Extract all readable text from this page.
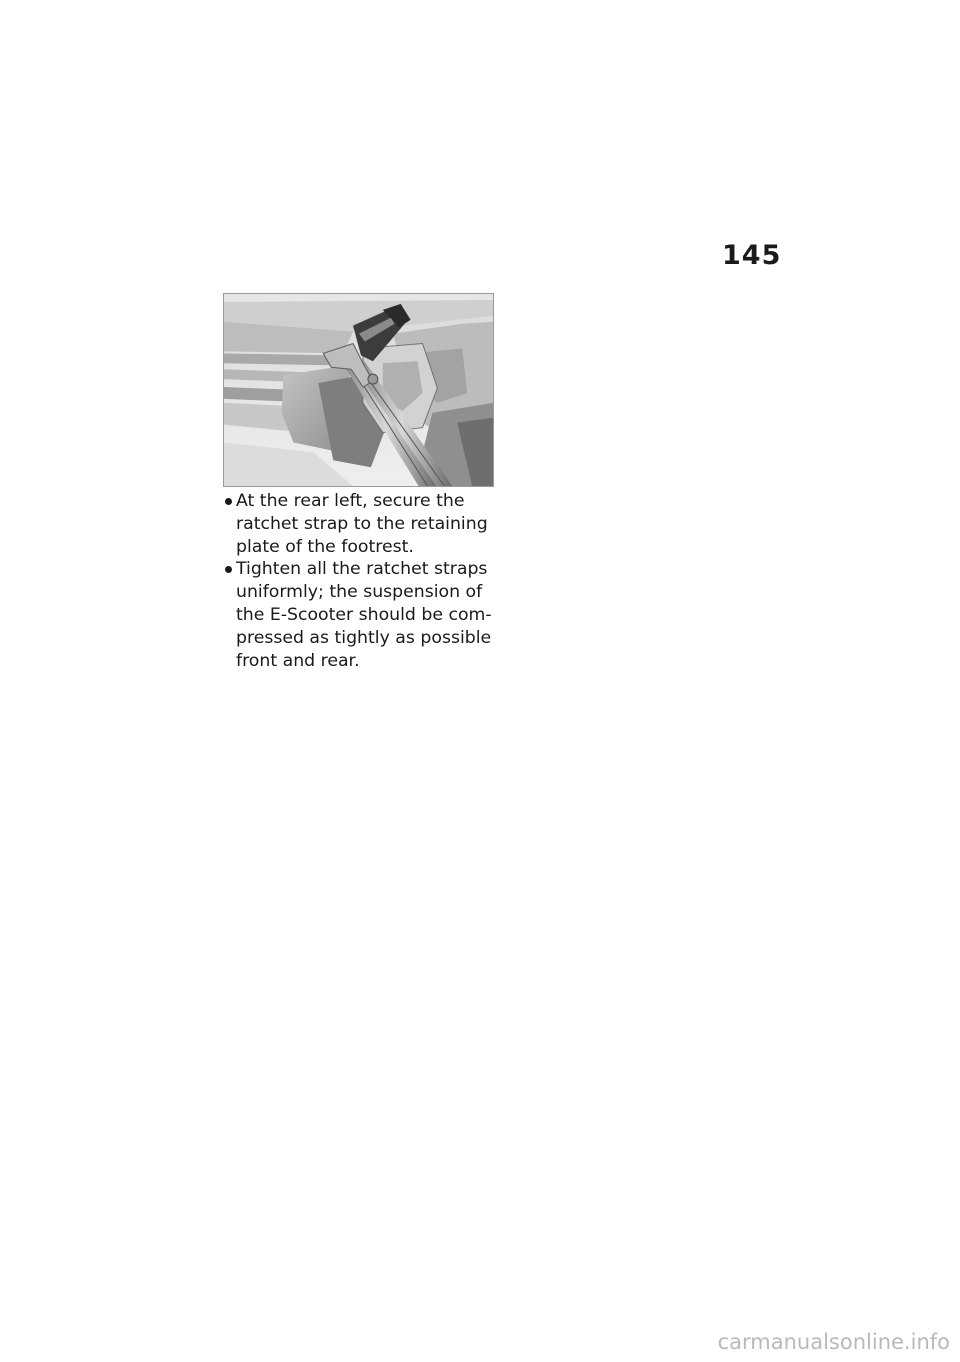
145
At the rear left, secure the
ratchet strap to the retaining
plate of the footrest.
Tighten all the ratchet straps
uniformly; the suspension of
the E-Scooter should be com-
pressed as tightly as possible
front and rear.
carmanualsonline.info
